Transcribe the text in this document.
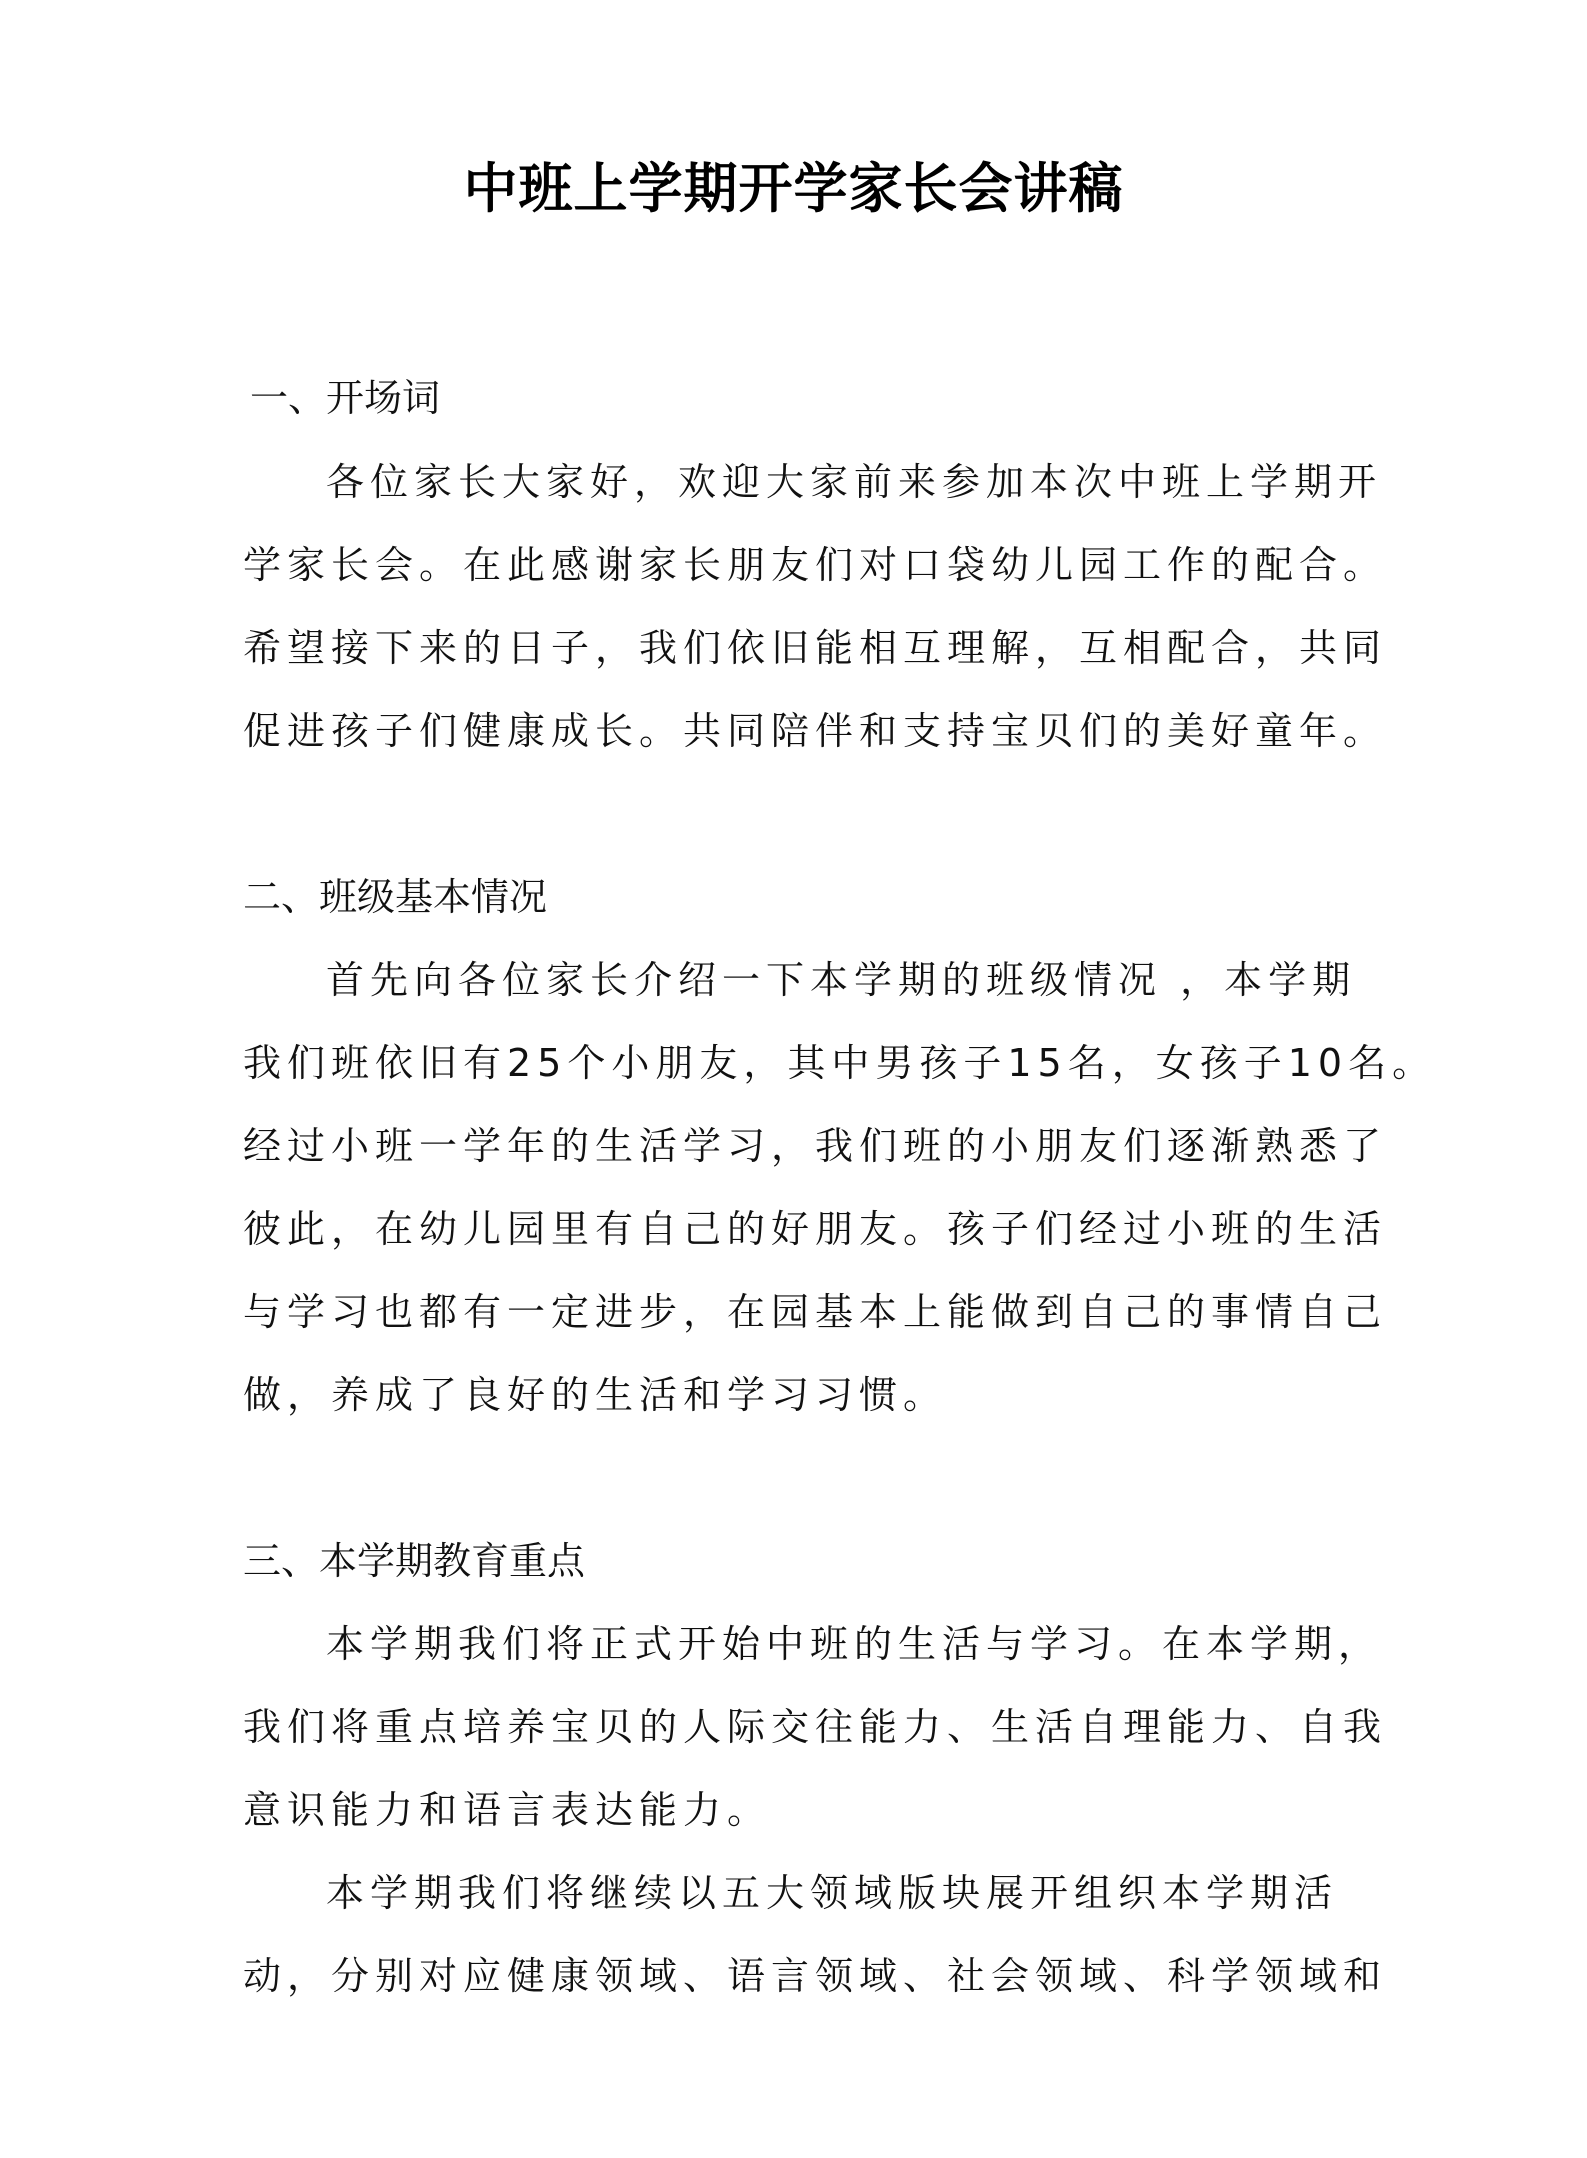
中班上学期开学家长会讲稿
一、开场词
各位家长大家好，欢迎大家前来参加本次中班上学期开
学家长会。在此感谢家长朋友们对口袋幼儿园工作的配合。
希望接下来的日子，我们依旧能相互理解，互相配合，共同
促进孩子们健康成长。共同陪伴和支持宝贝们的美好童年。
二、班级基本情况
首先向各位家长介绍一下本学期的班级情况 ，本学期
我们班依旧有25个小朋友，其中男孩子15名，女孩子10名。
经过小班一学年的生活学习，我们班的小朋友们逐渐熟悉了
彼此，在幼儿园里有自己的好朋友。孩子们经过小班的生活
与学习也都有一定进步，在园基本上能做到自己的事情自己
做，养成了良好的生活和学习习惯。
三、本学期教育重点
本学期我们将正式开始中班的生活与学习。在本学期，
我们将重点培养宝贝的人际交往能力、生活自理能力、自我
意识能力和语言表达能力。
本学期我们将继续以五大领域版块展开组织本学期活
动，分别对应健康领域、语言领域、社会领域、科学领域和
